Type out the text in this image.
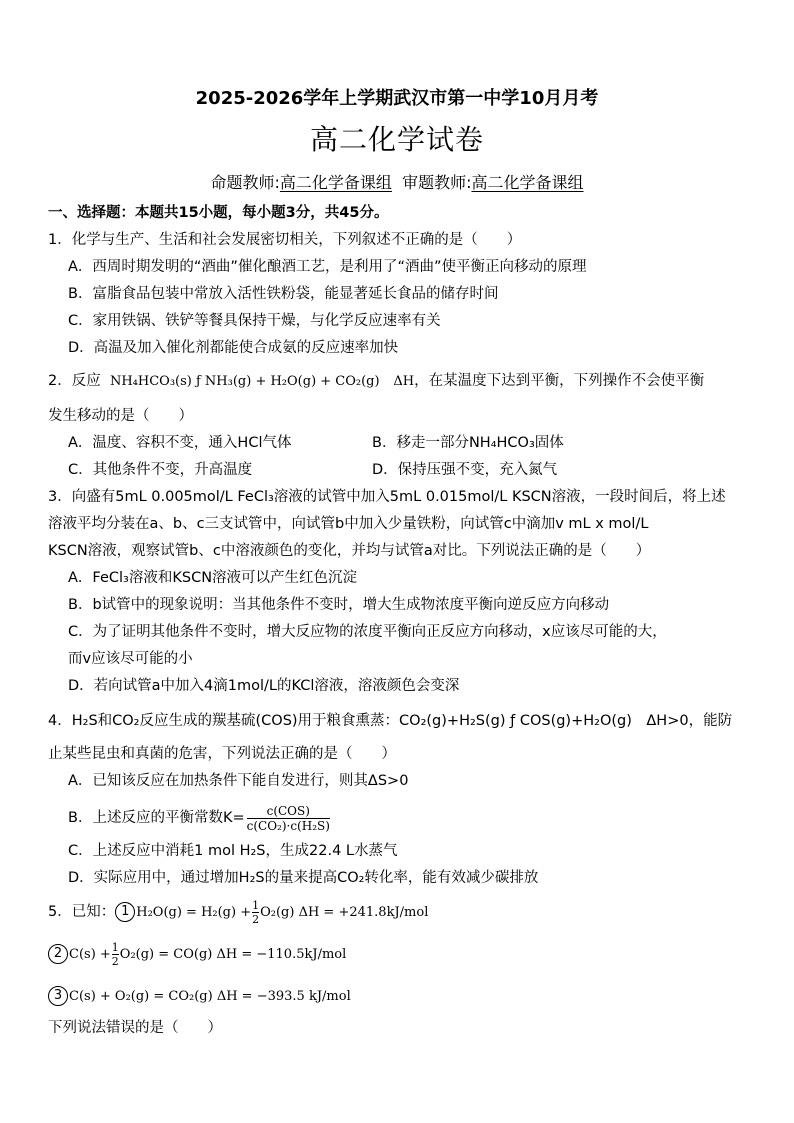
2025-2026学年上学期武汉市第一中学10月月考
高二化学试卷
命题教师:高二化学备课组 审题教师:高二化学备课组
一、选择题：本题共15小题，每小题3分，共45分。
1．化学与生产、生活和社会发展密切相关，下列叙述不正确的是（　　）
A．西周时期发明的“酒曲”催化酿酒工艺，是利用了“酒曲”使平衡正向移动的原理
B．富脂食品包装中常放入活性铁粉袋，能显著延长食品的储存时间
C．家用铁锅、铁铲等餐具保持干燥，与化学反应速率有关
D．高温及加入催化剂都能使合成氨的反应速率加快
2．反应 NH₄HCO₃(s) ƒ NH₃(g) + H₂O(g) + CO₂(g) ΔH，在某温度下达到平衡，下列操作不会使平衡
发生移动的是（　　）
A．温度、容积不变，通入HCl气体	B．移走一部分NH₄HCO₃固体
C．其他条件不变，升高温度	D．保持压强不变，充入氮气
3．向盛有5mL 0.005mol/L FeCl₃溶液的试管中加入5mL 0.015mol/L KSCN溶液，一段时间后，将上述
溶液平均分装在a、b、c三支试管中，向试管b中加入少量铁粉，向试管c中滴加v mL x mol/L
KSCN溶液，观察试管b、c中溶液颜色的变化，并均与试管a对比。下列说法正确的是（　　）
A．FeCl₃溶液和KSCN溶液可以产生红色沉淀
B．b试管中的现象说明：当其他条件不变时，增大生成物浓度平衡向逆反应方向移动
C．为了证明其他条件不变时，增大反应物的浓度平衡向正反应方向移动，x应该尽可能的大，
而v应该尽可能的小
D．若向试管a中加入4滴1mol/L的KCl溶液，溶液颜色会变深
4．H₂S和CO₂反应生成的羰基硫(COS)用于粮食熏蒸：CO₂(g)+H₂S(g) ƒ COS(g)+H₂O(g)　ΔH>0，能防
止某些昆虫和真菌的危害，下列说法正确的是（　　）
A．已知该反应在加热条件下能自发进行，则其ΔS>0
B．上述反应的平衡常数$K= \frac{\text{c(COS)}}{\text{c(CO₂)·c(H₂S)}}$
C．上述反应中消耗1 mol H₂S，生成22.4 L水蒸气
D．实际应用中，通过增加H₂S的量来提高CO₂转化率，能有效减少碳排放
5．已知： 1 $H_2O(g) = H_2(g) +\frac{1}{2}O_2(g) \Delta H = +241.8kJ/mol$
2 $C(s) +\frac{1}{2}O_2(g) = CO(g) \Delta H = -110.5kJ/mol$
3 C(s) + O₂(g) = CO₂(g) ΔH = −393.5 kJ/mol
下列说法错误的是（　　）
